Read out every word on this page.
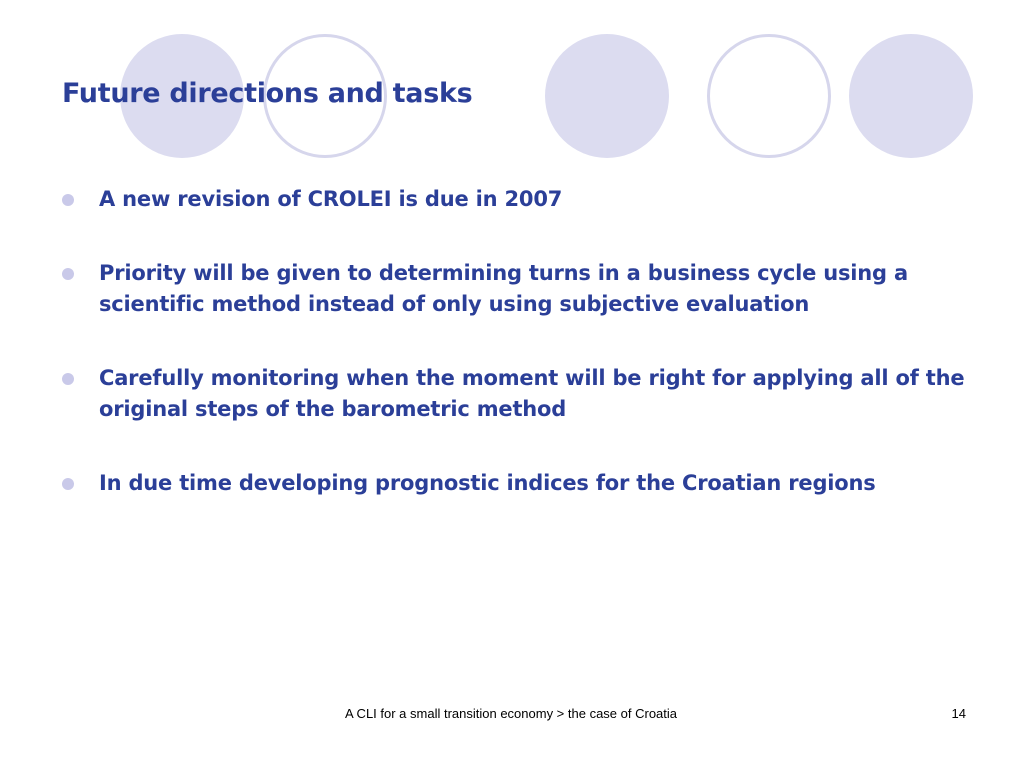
Future directions and tasks
A new revision of CROLEI is due in 2007
Priority will be given to determining turns in a business cycle using a scientific method instead of only using subjective evaluation
Carefully monitoring when the moment will be right for applying all of the original steps of the barometric method
In due time developing prognostic indices for the Croatian regions
A CLI for a small transition economy > the case of Croatia	14
